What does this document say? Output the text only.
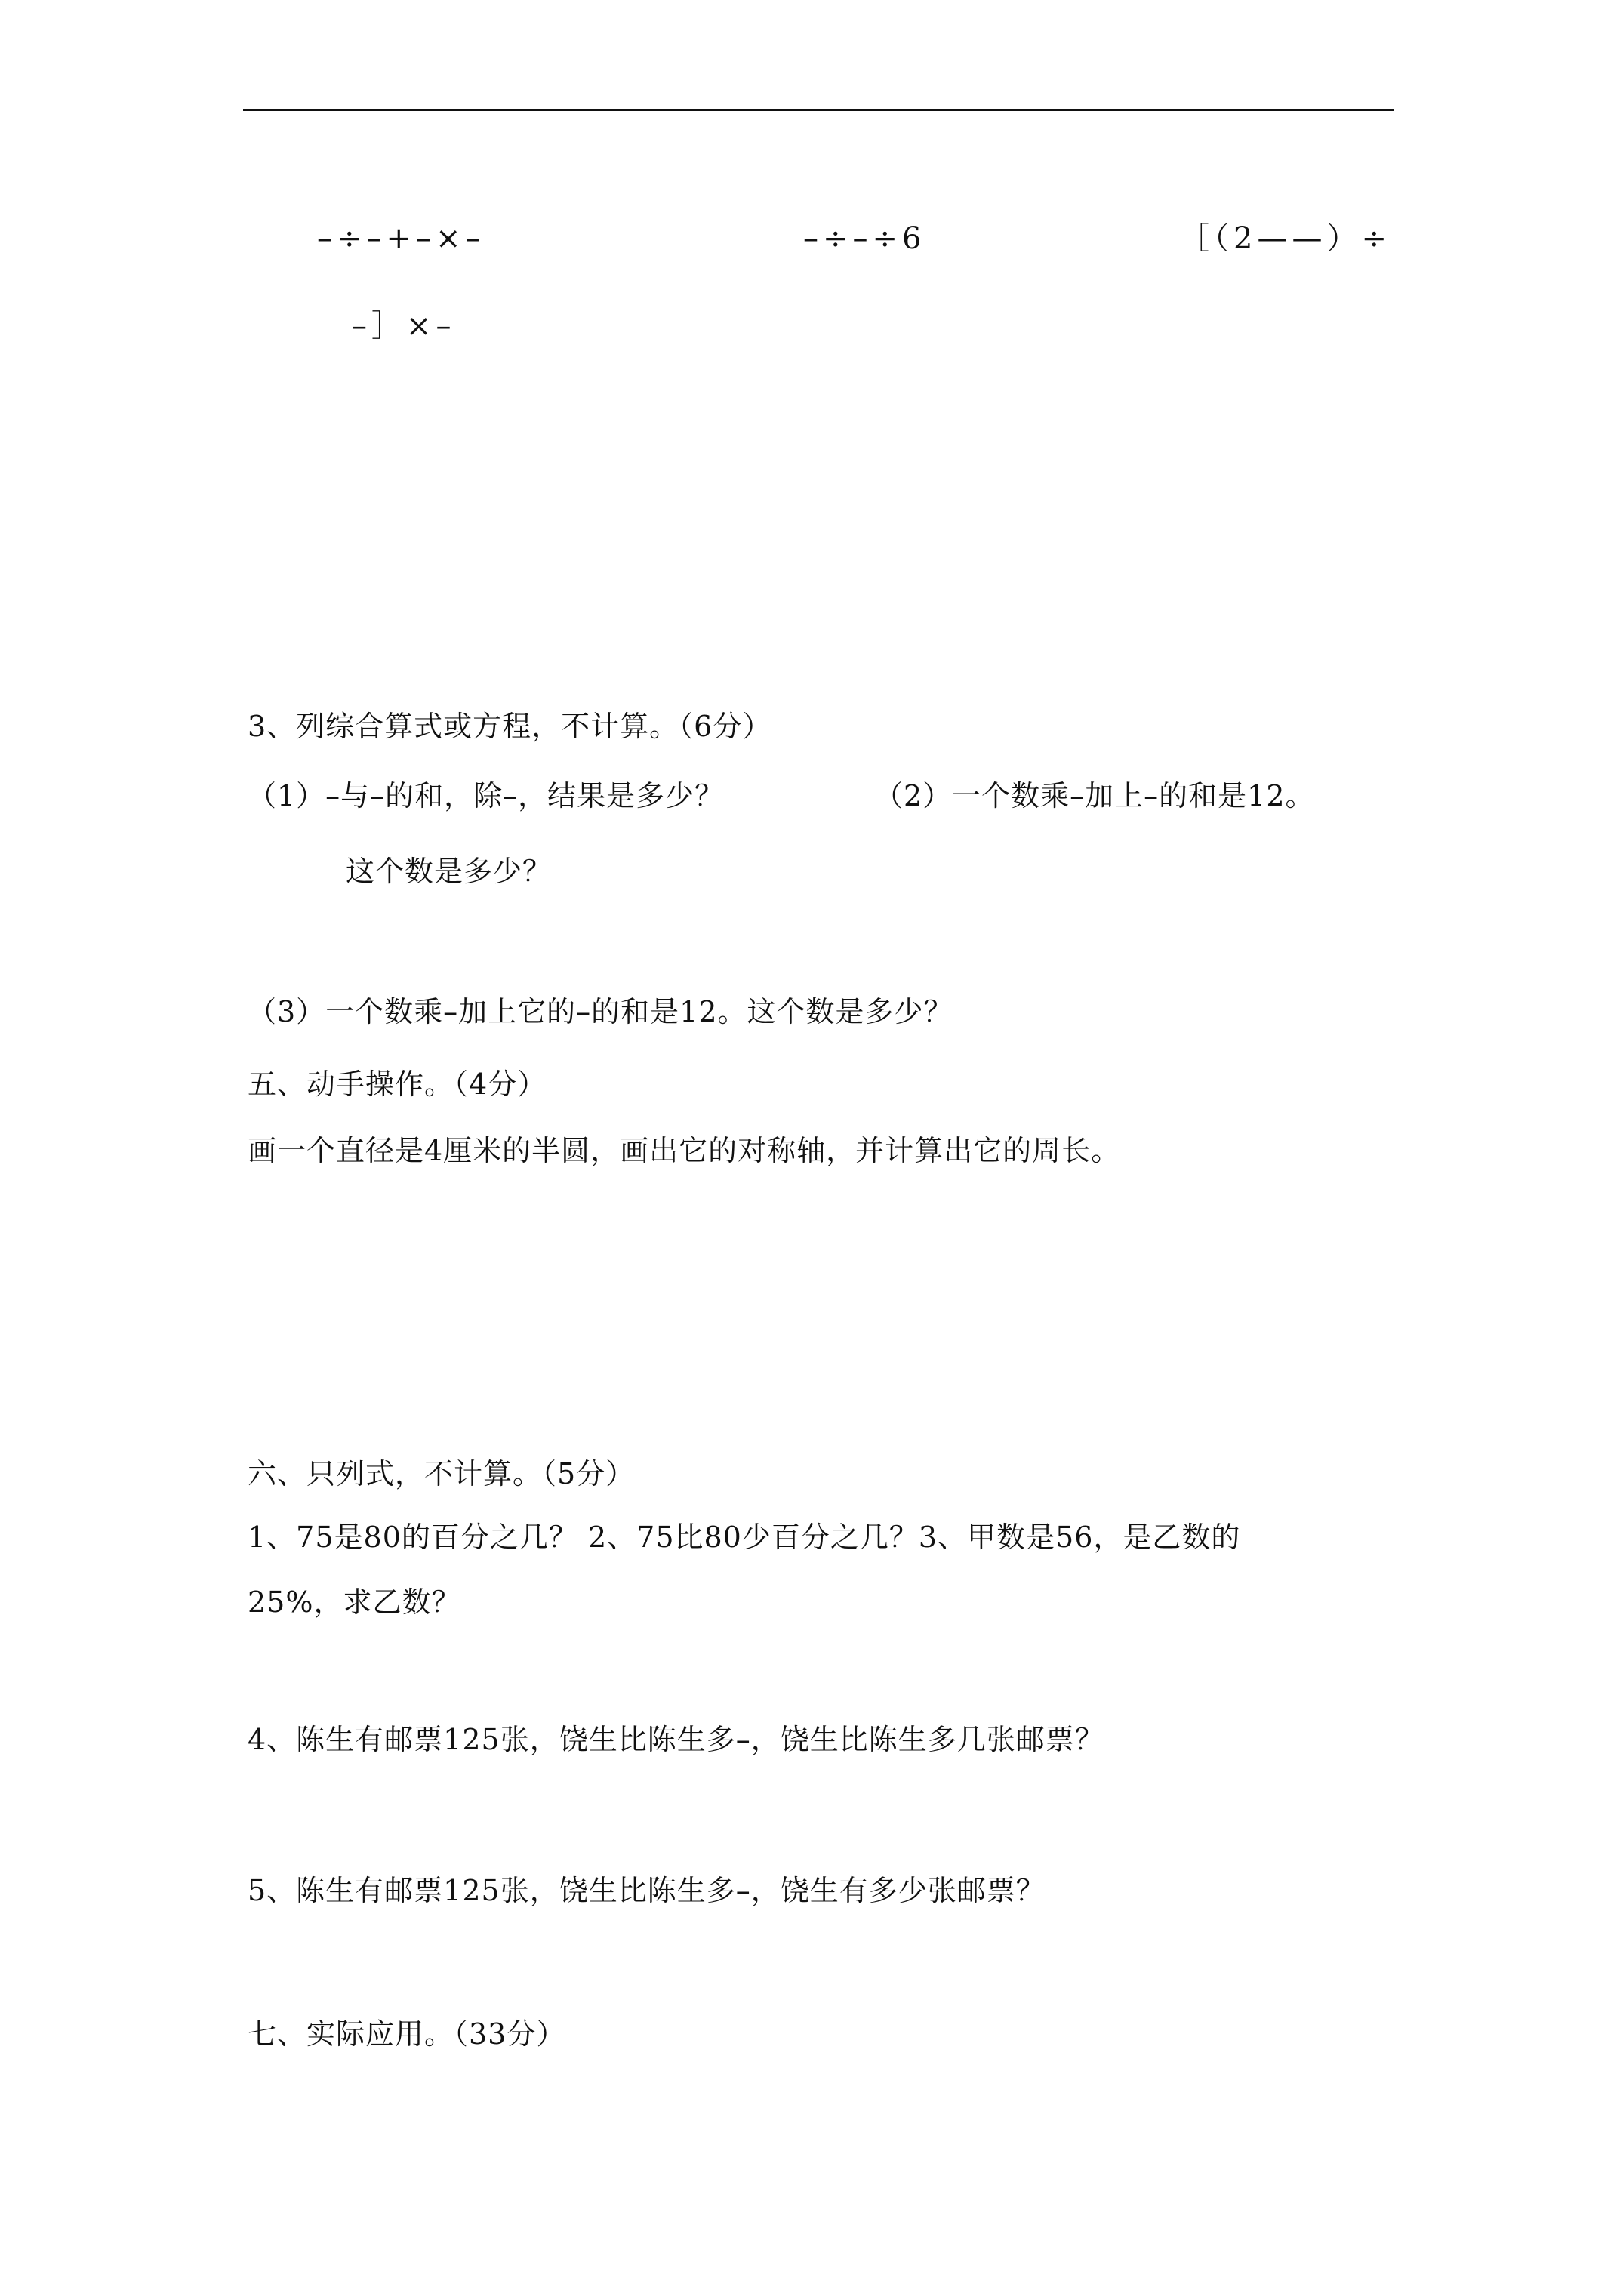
–÷–+–×–	–÷–÷6	［（2——）÷
–］×–
3、列综合算式或方程，不计算。（6分）
（1）–与–的和，除–，结果是多少？	（2）一个数乘–加上–的和是12。
这个数是多少？
（3）一个数乘–加上它的–的和是12。这个数是多少？
五、动手操作。（4分）
画一个直径是4厘米的半圆，画出它的对称轴，并计算出它的周长。
六、只列式，不计算。（5分）
1、75是80的百分之几？ 2、75比80少百分之几？3、甲数是56，是乙数的
25%，求乙数？
4、陈生有邮票125张，饶生比陈生多–，饶生比陈生多几张邮票？
5、陈生有邮票125张，饶生比陈生多–，饶生有多少张邮票？
七、实际应用。（33分）
